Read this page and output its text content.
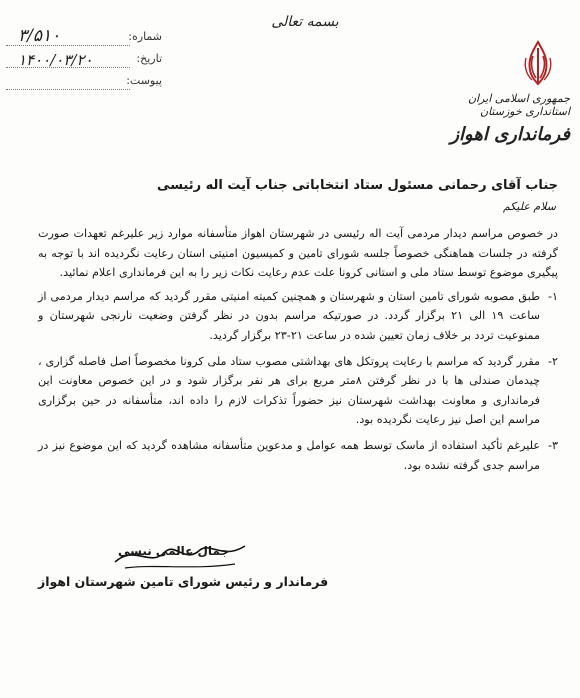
بسمه تعالی
۳/۵۱۰	شماره:
۱۴۰۰/۰۳/۲۰	تاریخ:
پیوست:
جمهوری اسلامی ایران
استانداری خوزستان
فرمانداری اهواز
جناب آقای رحمانی مسئول ستاد انتخاباتی جناب آیت اله رئیسی
سلام علیکم

در خصوص مراسم دیدار مردمی آیت اله رئیسی در شهرستان اهواز متأسفانه موارد زیر علیرغم تعهدات صورت گرفته در جلسات هماهنگی خصوصاً جلسه شورای تامین و کمیسیون امنیتی استان رعایت نگردیده اند با توجه به پیگیری موضوع توسط ستاد ملی و استانی کرونا علت عدم رعایت نکات زیر را به این فرمانداری اعلام نمائید.

۱-
طبق مصوبه شورای تامین استان و شهرستان و همچنین کمیته امنیتی مقرر گردید که مراسم دیدار مردمی از ساعت ۱۹ الی ۲۱ برگزار گردد. در صورتیکه مراسم بدون در نظر گرفتن وضعیت نارنجی شهرستان و ممنوعیت تردد بر خلاف زمان تعیین شده در ساعت ۲۱-۲۳ برگزار گردید.
۲-
مقرر گردید که مراسم با رعایت پروتکل های بهداشتی مصوب ستاد ملی کرونا مخصوصاً اصل فاصله گزاری ، چیدمان صندلی ها با در نظر گرفتن ۸متر مربع برای هر نفر برگزار شود و در این خصوص معاونت این فرمانداری و معاونت بهداشت شهرستان نیز حضوراً تذکرات لازم را داده اند، متأسفانه در حین برگزاری مراسم این اصل نیز رعایت نگردیده بود.
۳-
علیرغم تأکید استفاده از ماسک توسط همه عوامل و مدعوین متأسفانه مشاهده گردید که این موضوع نیز در مراسم جدی گرفته نشده بود.
جمال عالمی نیسی
فرماندار و رئیس شورای تامین شهرستان اهواز
